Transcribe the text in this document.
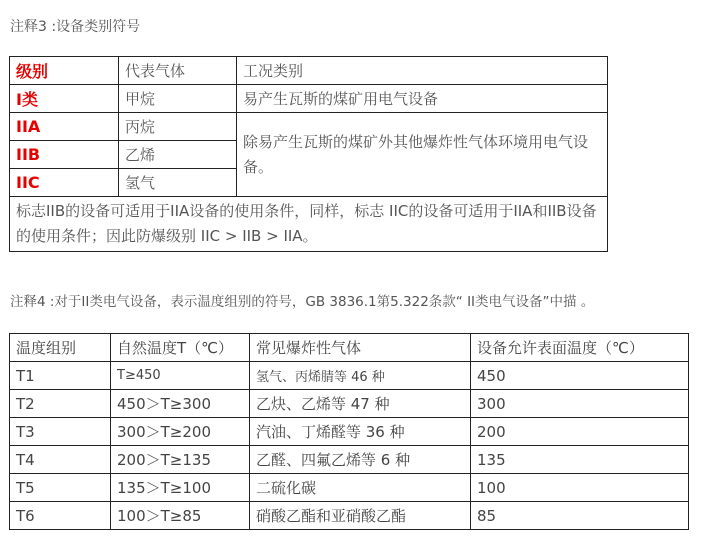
注释3 :设备类别符号
级别	代表气体	工况类别
I类	甲烷	易产生瓦斯的煤矿用电气设备
IIA	丙烷	除易产生瓦斯的煤矿外其他爆炸性气体环境用电气设备。
IIB	乙烯	
IIC	氢气	
标志IIB的设备可适用于IIA设备的使用条件，同样，标志 IIC的设备可适用于IIA和IIB设备的使用条件；因此防爆级别 IIC > IIB > IIA。		
注释4 :对于II类电气设备，表示温度组别的符号，GB 3836.1第5.322条款“ II类电气设备”中描 。
温度组别	自然温度T（℃）	常见爆炸性气体	设备允许表面温度（℃）
T1	T≥450	氢气、丙烯腈等 46 种	450
T2	450＞T≥300	乙炔、乙烯等 47 种	300
T3	300＞T≥200	汽油、丁烯醛等 36 种	200
T4	200＞T≥135	乙醛、四氟乙烯等 6 种	135
T5	135＞T≥100	二硫化碳	100
T6	100＞T≥85	硝酸乙酯和亚硝酸乙酯	85
